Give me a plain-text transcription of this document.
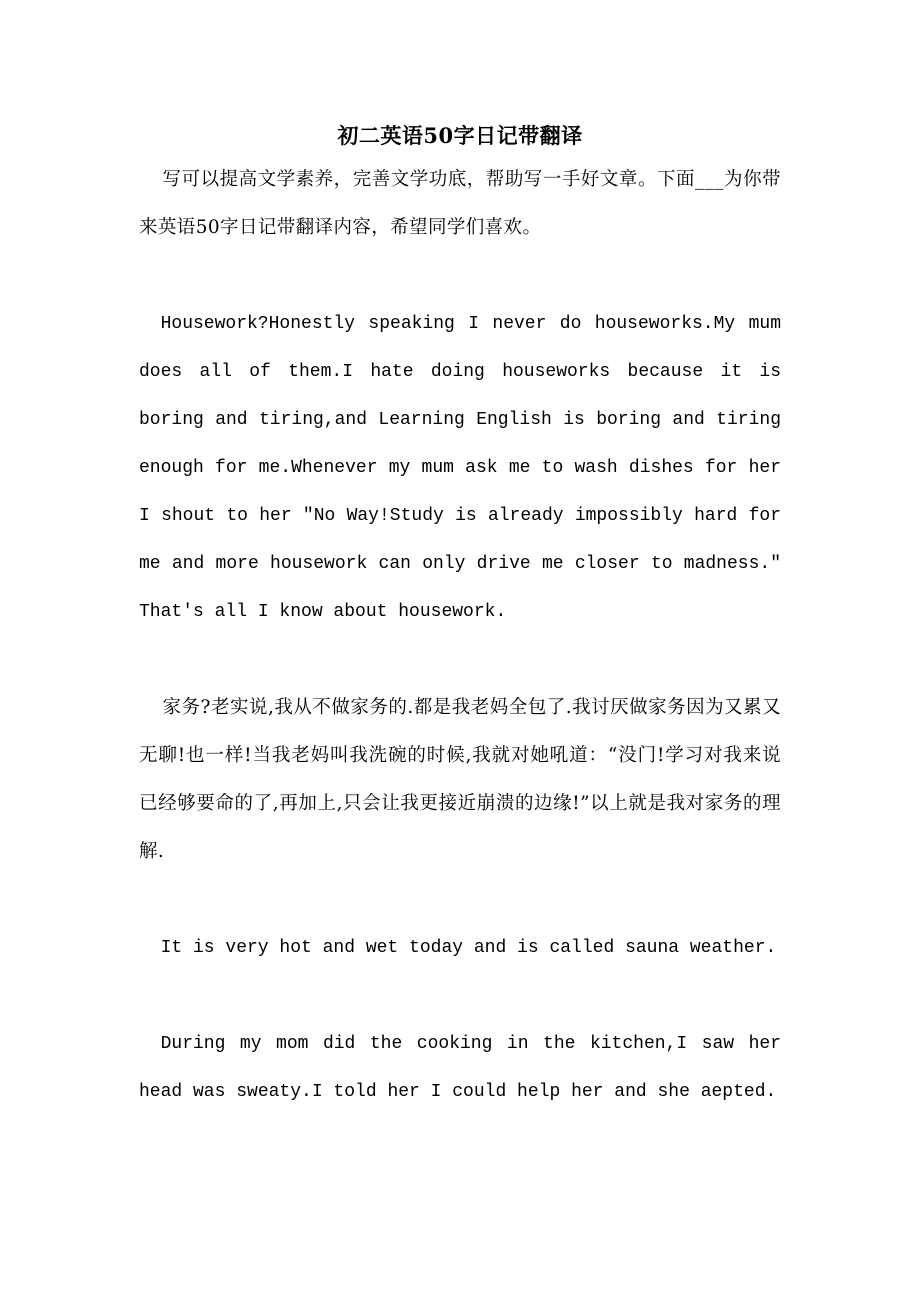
初二英语50字日记带翻译

写可以提高文学素养，完善文学功底，帮助写一手好文章。下面___为你带来英语50字日记带翻译内容，希望同学们喜欢。

Housework?Honestly speaking I never do houseworks.My mum does all of them.I hate doing houseworks because it is boring and tiring,and Learning English is boring and tiring enough for me.Whenever my mum ask me to wash dishes for her I shout to her "No Way!Study is already impossibly hard for me and more housework can only drive me closer to madness." That's all I know about housework.

家务?老实说,我从不做家务的.都是我老妈全包了.我讨厌做家务因为又累又无聊!也一样!当我老妈叫我洗碗的时候,我就对她吼道：“没门!学习对我来说已经够要命的了,再加上,只会让我更接近崩溃的边缘!”以上就是我对家务的理解.

It is very hot and wet today and is called sauna weather.

During my mom did the cooking in the kitchen,I saw her head was sweaty.I told her I could help her and she aepted.
